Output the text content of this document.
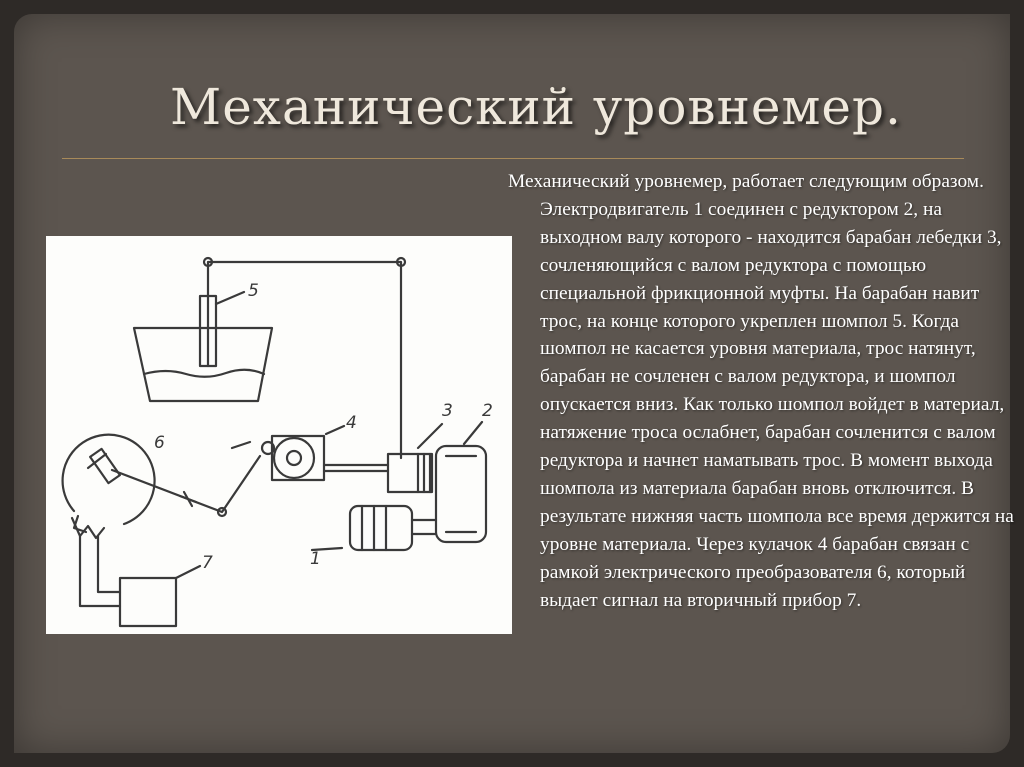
Механический уровнемер.
5
6
4
3 2
1
7
Механический уровнемер, работает следующим образом. Электродвигатель 1 соединен с редуктором 2, на выходном валу которого - находится барабан лебедки 3, сочленяющийся с валом редуктора с помощью специальной фрикционной муфты. На барабан навит трос, на конце которого укреплен шомпол 5. Когда шомпол не касается уровня материала, трос натянут, барабан не сочленен с валом редуктора, и шомпол опускается вниз. Как только шомпол войдет в материал, натяжение троса ослабнет, барабан сочленится с валом редуктора и начнет наматывать трос. В момент выхода шомпола из материала барабан вновь отключится. В результате нижняя часть шомпола все время держится на уровне материала. Через кулачок 4 барабан связан с рамкой электрического преобразователя 6, который выдает сигнал на вторичный прибор 7.
